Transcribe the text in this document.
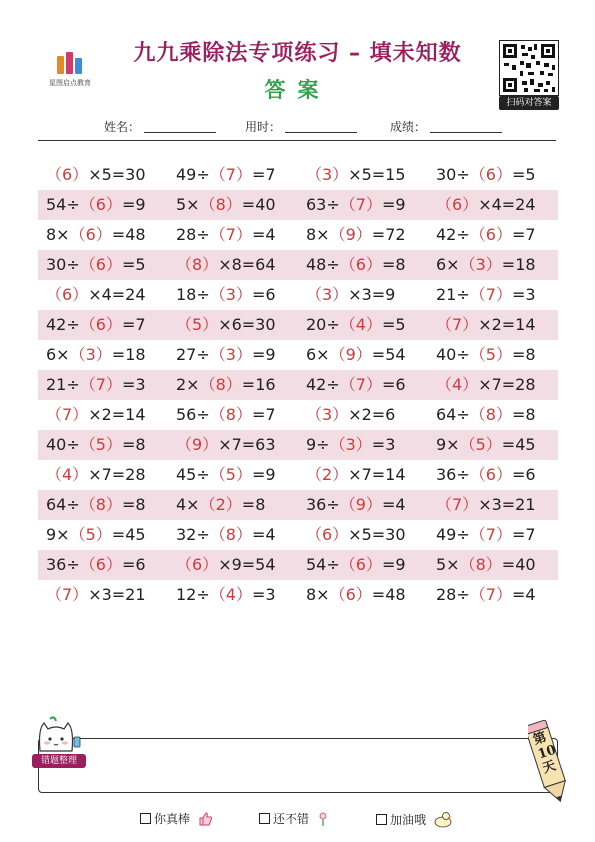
星图启点教育
九九乘除法专项练习 – 填未知数
答案
扫码对答案
姓名：	用时：	成绩：
（6）×5=30	49÷（7）=7	（3）×5=15	30÷（6）=5
54÷（6）=9	5×（8）=40	63÷（7）=9	（6）×4=24
8×（6）=48	28÷（7）=4	8×（9）=72	42÷（6）=7
30÷（6）=5	（8）×8=64	48÷（6）=8	6×（3）=18
（6）×4=24	18÷（3）=6	（3）×3=9	21÷（7）=3
42÷（6）=7	（5）×6=30	20÷（4）=5	（7）×2=14
6×（3）=18	27÷（3）=9	6×（9）=54	40÷（5）=8
21÷（7）=3	2×（8）=16	42÷（7）=6	（4）×7=28
（7）×2=14	56÷（8）=7	（3）×2=6	64÷（8）=8
40÷（5）=8	（9）×7=63	9÷（3）=3	9×（5）=45
（4）×7=28	45÷（5）=9	（2）×7=14	36÷（6）=6
64÷（8）=8	4×（2）=8	36÷（9）=4	（7）×3=21
9×（5）=45	32÷（8）=4	（6）×5=30	49÷（7）=7
36÷（6）=6	（6）×9=54	54÷（6）=9	5×（8）=40
（7）×3=21	12÷（4）=3	8×（6）=48	28÷（7）=4
错题整理
第10天
你真棒	还不错	加油哦
